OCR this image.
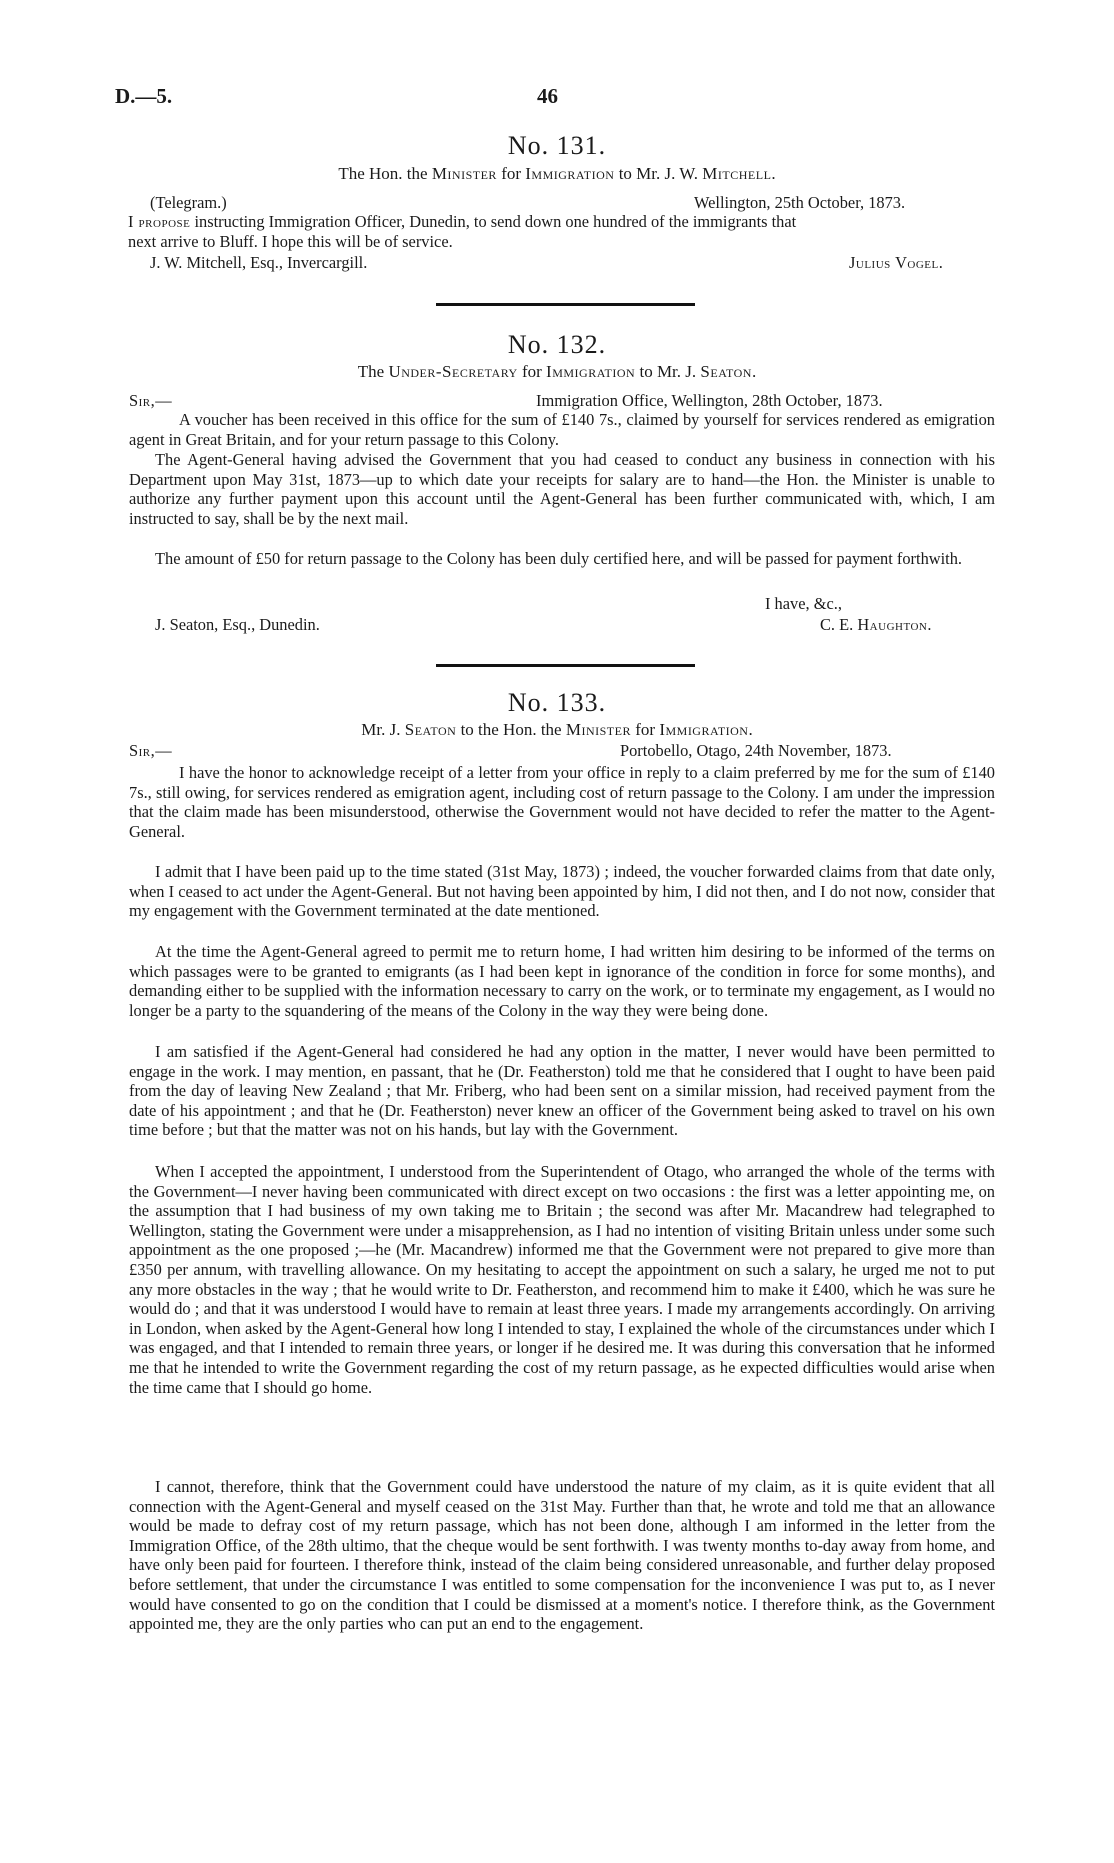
D.—5.	46
No. 131.
The Hon. the Minister for Immigration to Mr. J. W. Mitchell.
(Telegram.)	Wellington, 25th October, 1873.
I propose instructing Immigration Officer, Dunedin, to send down one hundred of the immigrants that
next arrive to Bluff. I hope this will be of service.
J. W. Mitchell, Esq., Invercargill.	Julius Vogel.
No. 132.
The Under-Secretary for Immigration to Mr. J. Seaton.
Sir,—	Immigration Office, Wellington, 28th October, 1873.

A voucher has been received in this office for the sum of £140 7s., claimed by yourself for services rendered as emigration agent in Great Britain, and for your return passage to this Colony.

The Agent-General having advised the Government that you had ceased to conduct any business in connection with his Department upon May 31st, 1873—up to which date your receipts for salary are to hand—the Hon. the Minister is unable to authorize any further payment upon this account until the Agent-General has been further communicated with, which, I am instructed to say, shall be by the next mail.

The amount of £50 for return passage to the Colony has been duly certified here, and will be passed for payment forthwith.

I have, &c.,
J. Seaton, Esq., Dunedin.	C. E. Haughton.
No. 133.
Mr. J. Seaton to the Hon. the Minister for Immigration.
Sir,—	Portobello, Otago, 24th November, 1873.

I have the honor to acknowledge receipt of a letter from your office in reply to a claim preferred by me for the sum of £140 7s., still owing, for services rendered as emigration agent, including cost of return passage to the Colony. I am under the impression that the claim made has been misunderstood, otherwise the Government would not have decided to refer the matter to the Agent-General.

I admit that I have been paid up to the time stated (31st May, 1873) ; indeed, the voucher forwarded claims from that date only, when I ceased to act under the Agent-General. But not having been appointed by him, I did not then, and I do not now, consider that my engagement with the Government terminated at the date mentioned.

At the time the Agent-General agreed to permit me to return home, I had written him desiring to be informed of the terms on which passages were to be granted to emigrants (as I had been kept in ignorance of the condition in force for some months), and demanding either to be supplied with the information necessary to carry on the work, or to terminate my engagement, as I would no longer be a party to the squandering of the means of the Colony in the way they were being done.

I am satisfied if the Agent-General had considered he had any option in the matter, I never would have been permitted to engage in the work. I may mention, en passant, that he (Dr. Featherston) told me that he considered that I ought to have been paid from the day of leaving New Zealand ; that Mr. Friberg, who had been sent on a similar mission, had received payment from the date of his appointment ; and that he (Dr. Featherston) never knew an officer of the Government being asked to travel on his own time before ; but that the matter was not on his hands, but lay with the Government.

When I accepted the appointment, I understood from the Superintendent of Otago, who arranged the whole of the terms with the Government—I never having been communicated with direct except on two occasions : the first was a letter appointing me, on the assumption that I had business of my own taking me to Britain ; the second was after Mr. Macandrew had telegraphed to Wellington, stating the Government were under a misapprehension, as I had no intention of visiting Britain unless under some such appointment as the one proposed ;—he (Mr. Macandrew) informed me that the Government were not prepared to give more than £350 per annum, with travelling allowance. On my hesitating to accept the appointment on such a salary, he urged me not to put any more obstacles in the way ; that he would write to Dr. Featherston, and recommend him to make it £400, which he was sure he would do ; and that it was understood I would have to remain at least three years. I made my arrangements accordingly. On arriving in London, when asked by the Agent-General how long I intended to stay, I explained the whole of the circumstances under which I was engaged, and that I intended to remain three years, or longer if he desired me. It was during this conversation that he informed me that he intended to write the Government regarding the cost of my return passage, as he expected difficulties would arise when the time came that I should go home.

I cannot, therefore, think that the Government could have understood the nature of my claim, as it is quite evident that all connection with the Agent-General and myself ceased on the 31st May. Further than that, he wrote and told me that an allowance would be made to defray cost of my return passage, which has not been done, although I am informed in the letter from the Immigration Office, of the 28th ultimo, that the cheque would be sent forthwith. I was twenty months to-day away from home, and have only been paid for fourteen. I therefore think, instead of the claim being considered unreasonable, and further delay proposed before settlement, that under the circumstance I was entitled to some compensation for the inconvenience I was put to, as I never would have consented to go on the condition that I could be dismissed at a moment's notice. I therefore think, as the Government appointed me, they are the only parties who can put an end to the engagement.
